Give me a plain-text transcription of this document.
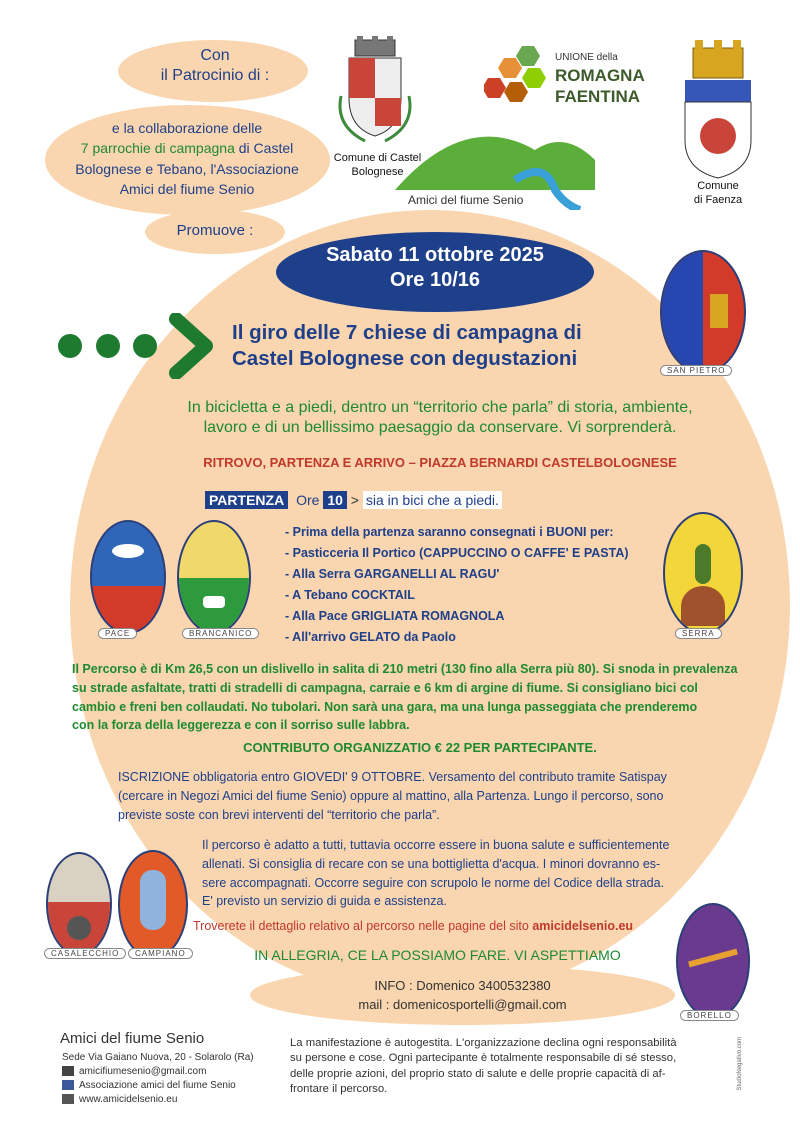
Con
il Patrocinio di :
e la collaborazione delle
7 parrochie di campagna di Castel
Bolognese e Tebano, l'Associazione
Amici del fiume Senio
Promuove :
Comune di Castel
Bolognese
UNIONE della
ROMAGNA
FAENTINA
Amici del fiume Senio
Comune
di Faenza
Sabato 11 ottobre 2025
Ore 10/16
SAN PIETRO
Il giro delle 7 chiese di campagna di
Castel Bolognese con degustazioni
In bicicletta e a piedi, dentro un “territorio che parla” di storia, ambiente,
lavoro e di un bellissimo paesaggio da conservare. Vi sorprenderà.
RITROVO, PARTENZA E ARRIVO – PIAZZA BERNARDI CASTELBOLOGNESE
PARTENZA Ore 10 > sia in bici che a piedi.
PACE	BRANCANICO
- Prima della partenza saranno consegnati i BUONI per:
- Pasticceria Il Portico (CAPPUCCINO O CAFFE' E PASTA)
- Alla Serra GARGANELLI AL RAGU'
- A Tebano COCKTAIL
- Alla Pace GRIGLIATA ROMAGNOLA
- All'arrivo GELATO da Paolo	SERRA
Il Percorso è di Km 26,5 con un dislivello in salita di 210 metri (130 fino alla Serra più 80). Si snoda in prevalenza
su strade asfaltate, tratti di stradelli di campagna, carraie e 6 km di argine di fiume. Si consigliano bici col
cambio e freni ben collaudati. No tubolari. Non sarà una gara, ma una lunga passeggiata che prenderemo
con la forza della leggerezza e con il sorriso sulle labbra.
CONTRIBUTO ORGANIZZATIO € 22 PER PARTECIPANTE.
ISCRIZIONE obbligatoria entro GIOVEDI' 9 OTTOBRE. Versamento del contributo tramite Satispay
(cercare in Negozi Amici del fiume Senio) oppure al mattino, alla Partenza. Lungo il percorso, sono
previste soste con brevi interventi del “territorio che parla”.
Il percorso è adatto a tutti, tuttavia occorre essere in buona salute e sufficientemente
allenati. Si consiglia di recare con se una bottiglietta d'acqua. I minori dovranno es-
sere accompagnati. Occorre seguire con scrupolo le norme del Codice della strada.
E' previsto un servizio di guida e assistenza.
CASALECCHIO	CAMPIANO
Troverete il dettaglio relativo al percorso nelle pagine del sito amicidelsenio.eu
IN ALLEGRIA, CE LA POSSIAMO FARE. VI ASPETTIAMO
BORELLO
INFO : Domenico 3400532380
mail : domenicosportelli@gmail.com
Amici del fiume Senio
Sede Via Gaiano Nuova, 20 - Solarolo (Ra)
amicifiumesenio@gmail.com
Associazione amici del fiume Senio
www.amicidelsenio.eu
La manifestazione è autogestita. L'organizzazione declina ogni responsabilità
su persone e cose. Ogni partecipante è totalmente responsabile di sé stesso,
delle proprie azioni, del proprio stato di salute e delle proprie capacità di af-
frontare il percorso.	StudioNegativo.com
